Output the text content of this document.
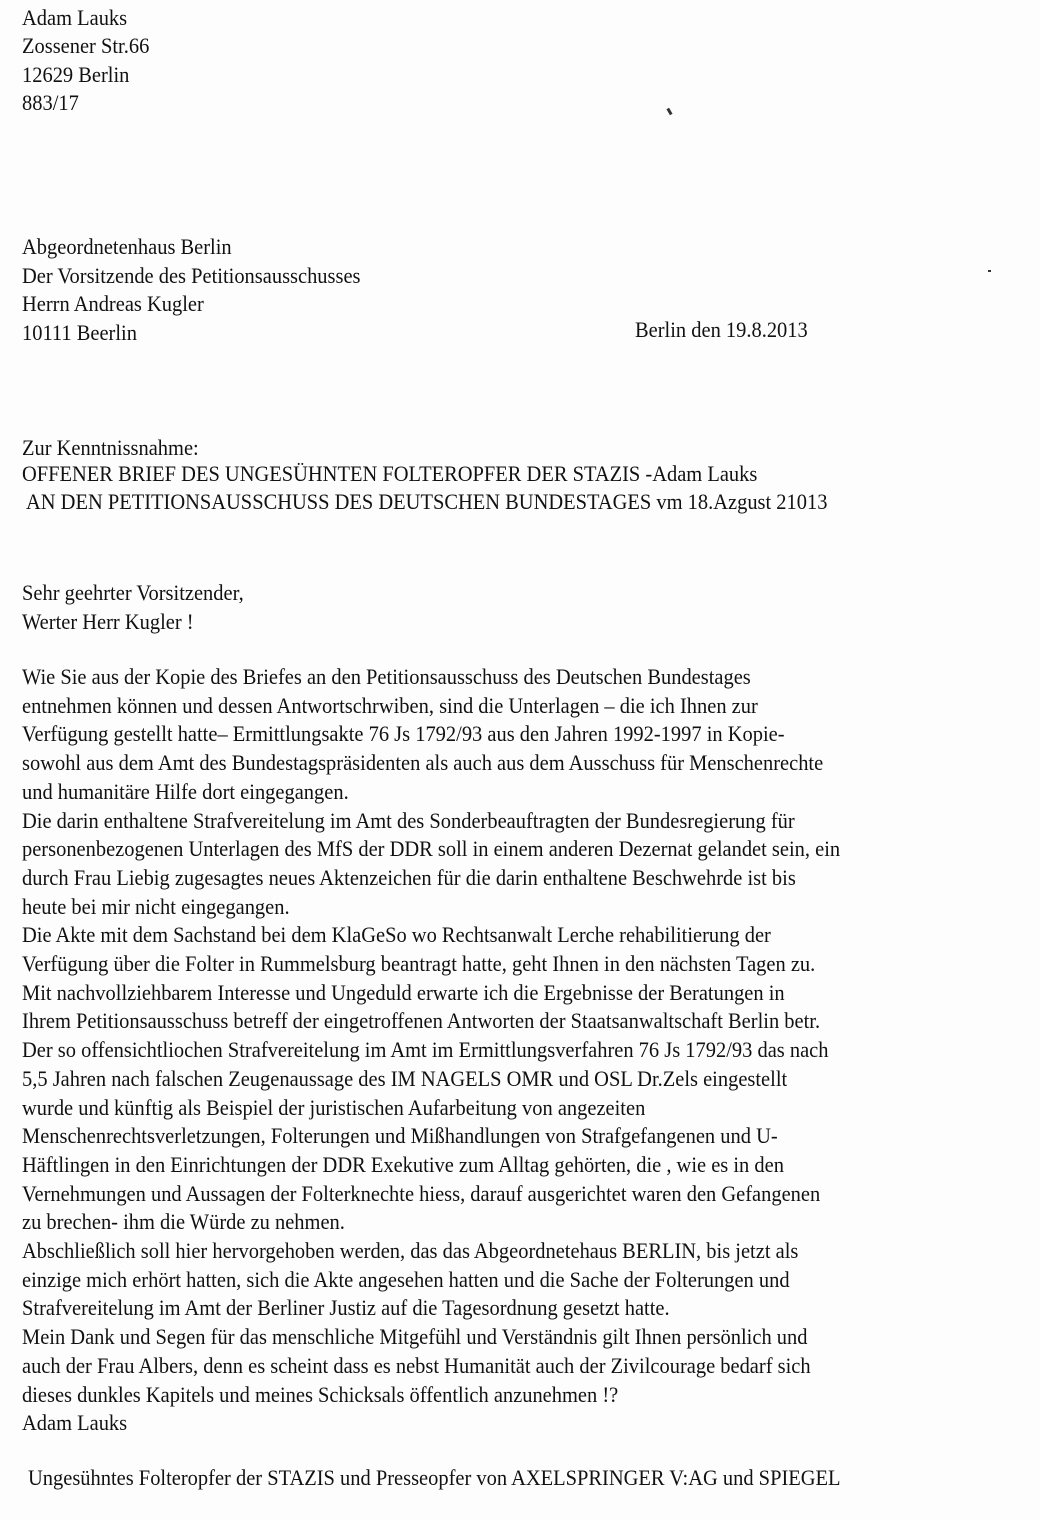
Adam Lauks
Zossener Str.66
12629 Berlin
883/17
Abgeordnetenhaus Berlin
Der Vorsitzende des Petitionsausschusses
Herrn Andreas Kugler
10111 Beerlin	Berlin den 19.8.2013
Zur Kenntnissnahme:
OFFENER BRIEF DES UNGESÜHNTEN FOLTEROPFER DER STAZIS -Adam Lauks
AN DEN PETITIONSAUSSCHUSS DES DEUTSCHEN BUNDESTAGES vm 18.Azgust 21013
Sehr geehrter Vorsitzender,
Werter Herr Kugler !
Wie Sie aus der Kopie des Briefes an den Petitionsausschuss des Deutschen Bundestages
entnehmen können und dessen Antwortschrwiben, sind die Unterlagen – die ich Ihnen zur
Verfügung gestellt hatte– Ermittlungsakte 76 Js 1792/93 aus den Jahren 1992-1997 in Kopie-
sowohl aus dem Amt des Bundestagspräsidenten als auch aus dem Ausschuss für Menschenrechte
und humanitäre Hilfe dort eingegangen.
Die darin enthaltene Strafvereitelung im Amt des Sonderbeauftragten der Bundesregierung für
personenbezogenen Unterlagen des MfS der DDR soll in einem anderen Dezernat gelandet sein, ein
durch Frau Liebig zugesagtes neues Aktenzeichen für die darin enthaltene Beschwehrde ist bis
heute bei mir nicht eingegangen.
Die Akte mit dem Sachstand bei dem KlaGeSo wo Rechtsanwalt Lerche rehabilitierung der
Verfügung über die Folter in Rummelsburg beantragt hatte, geht Ihnen in den nächsten Tagen zu.
Mit nachvollziehbarem Interesse und Ungeduld erwarte ich die Ergebnisse der Beratungen in
Ihrem Petitionsausschuss betreff der eingetroffenen Antworten der Staatsanwaltschaft Berlin betr.
Der so offensichtliochen Strafvereitelung im Amt im Ermittlungsverfahren 76 Js 1792/93 das nach
5,5 Jahren nach falschen Zeugenaussage des IM NAGELS OMR und OSL Dr.Zels eingestellt
wurde und künftig als Beispiel der juristischen Aufarbeitung von angezeiten
Menschenrechtsverletzungen, Folterungen und Mißhandlungen von Strafgefangenen und U-
Häftlingen in den Einrichtungen der DDR Exekutive zum Alltag gehörten, die , wie es in den
Vernehmungen und Aussagen der Folterknechte hiess, darauf ausgerichtet waren den Gefangenen
zu brechen- ihm die Würde zu nehmen.
Abschließlich soll hier hervorgehoben werden, das das Abgeordnetehaus BERLIN, bis jetzt als
einzige mich erhört hatten, sich die Akte angesehen hatten und die Sache der Folterungen und
Strafvereitelung im Amt der Berliner Justiz auf die Tagesordnung gesetzt hatte.
Mein Dank und Segen für das menschliche Mitgefühl und Verständnis gilt Ihnen persönlich und
auch der Frau Albers, denn es scheint dass es nebst Humanität auch der Zivilcourage bedarf sich
dieses dunkles Kapitels und meines Schicksals öffentlich anzunehmen !?
Adam Lauks
Ungesühntes Folteropfer der STAZIS und Presseopfer von AXELSPRINGER V:AG und SPIEGEL
